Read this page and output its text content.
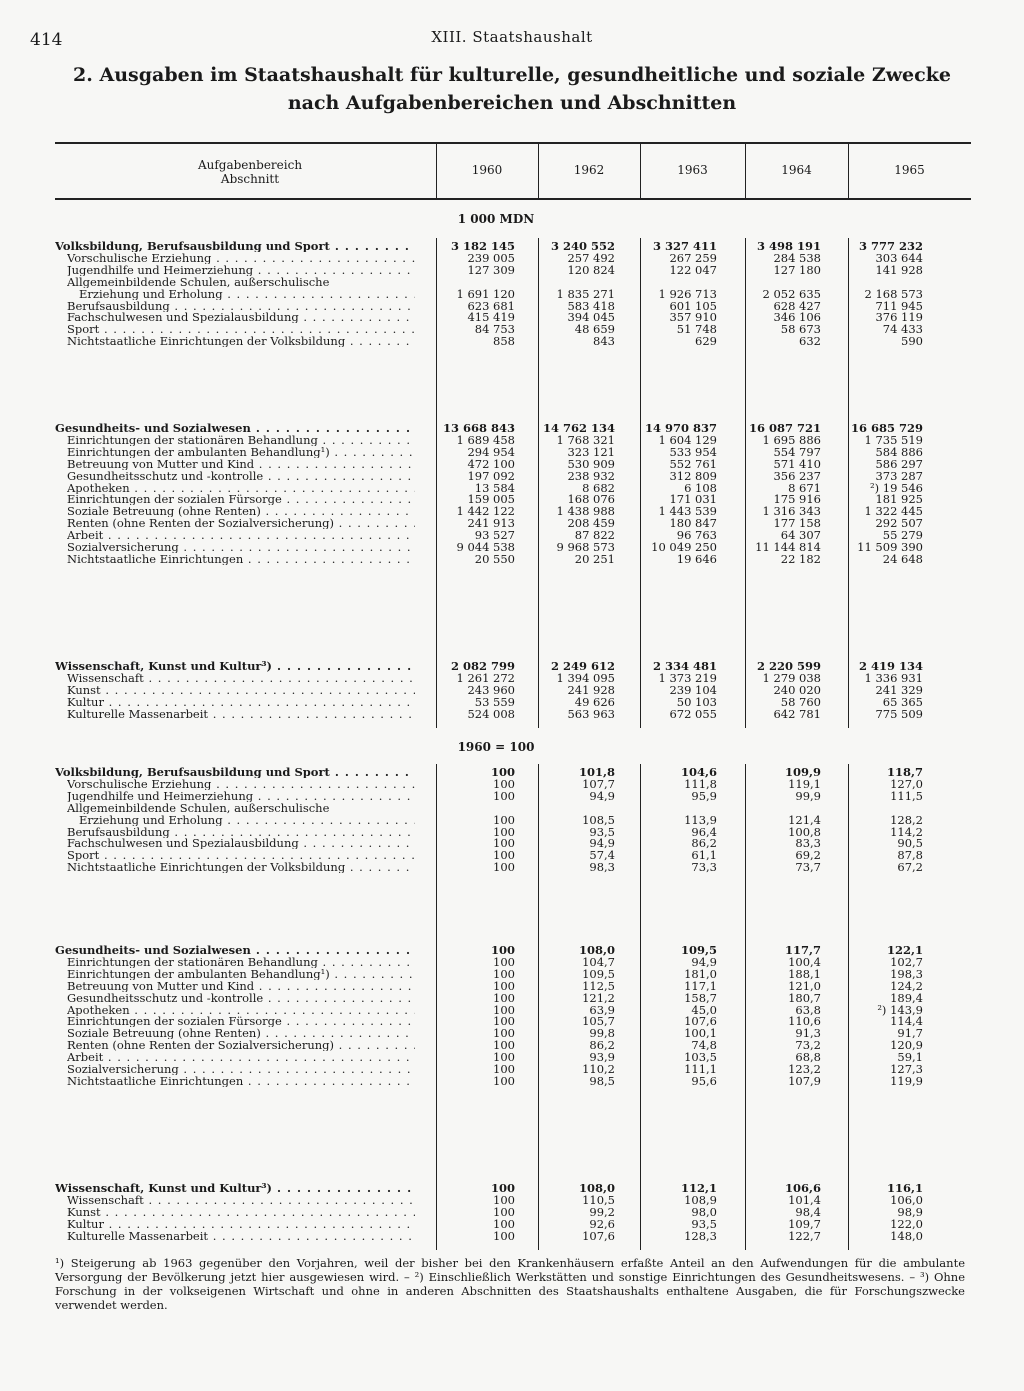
414	XIII. Staatshaushalt
2. Ausgaben im Staatshaushalt für kulturelle, gesundheitliche und soziale Zwecke
nach Aufgabenbereichen und Abschnitten
Aufgabenbereich
Abschnitt
1960	1962	1963	1964	1965
1 000 MDN
1960 = 100
Volksbildung, Berufsausbildung und Sport . . .	3 182 145	3 240 552	3 327 411	3 498 191	3 777 232
Vorschulische Erziehung . . .	239 005	257 492	267 259	284 538	303 644
Jugendhilfe und Heimerziehung . . .	127 309	120 824	122 047	127 180	141 928
Allgemeinbildende Schulen, außerschulische
Erziehung und Erholung . . .	1 691 120	1 835 271	1 926 713	2 052 635	2 168 573
Berufsausbildung . . .	623 681	583 418	601 105	628 427	711 945
Fachschulwesen und Spezialausbildung . . .	415 419	394 045	357 910	346 106	376 119
Sport . . .	84 753	48 659	51 748	58 673	74 433
Nichtstaatliche Einrichtungen der Volksbildung . . .	858	843	629	632	590
Gesundheits- und Sozialwesen . . .	13 668 843	14 762 134	14 970 837	16 087 721	16 685 729
Einrichtungen der stationären Behandlung . . .	1 689 458	1 768 321	1 604 129	1 695 886	1 735 519
Einrichtungen der ambulanten Behandlung¹) . . .	294 954	323 121	533 954	554 797	584 886
Betreuung von Mutter und Kind . . .	472 100	530 909	552 761	571 410	586 297
Gesundheitsschutz und -kontrolle . . .	197 092	238 932	312 809	356 237	373 287
Apotheken . . .	13 584	8 682	6 108	8 671	²) 19 546
Einrichtungen der sozialen Fürsorge . . .	159 005	168 076	171 031	175 916	181 925
Soziale Betreuung (ohne Renten) . . .	1 442 122	1 438 988	1 443 539	1 316 343	1 322 445
Renten (ohne Renten der Sozialversicherung) . . .	241 913	208 459	180 847	177 158	292 507
Arbeit . . .	93 527	87 822	96 763	64 307	55 279
Sozialversicherung . . .	9 044 538	9 968 573	10 049 250	11 144 814	11 509 390
Nichtstaatliche Einrichtungen . . .	20 550	20 251	19 646	22 182	24 648
Wissenschaft, Kunst und Kultur³) . . .	2 082 799	2 249 612	2 334 481	2 220 599	2 419 134
Wissenschaft . . .	1 261 272	1 394 095	1 373 219	1 279 038	1 336 931
Kunst . . .	243 960	241 928	239 104	240 020	241 329
Kultur . . .	53 559	49 626	50 103	58 760	65 365
Kulturelle Massenarbeit . . .	524 008	563 963	672 055	642 781	775 509
Volksbildung, Berufsausbildung und Sport . . .	100	101,8	104,6	109,9	118,7
Vorschulische Erziehung . . .	100	107,7	111,8	119,1	127,0
Jugendhilfe und Heimerziehung . . .	100	94,9	95,9	99,9	111,5
Allgemeinbildende Schulen, außerschulische
Erziehung und Erholung . . .	100	108,5	113,9	121,4	128,2
Berufsausbildung . . .	100	93,5	96,4	100,8	114,2
Fachschulwesen und Spezialausbildung . . .	100	94,9	86,2	83,3	90,5
Sport . . .	100	57,4	61,1	69,2	87,8
Nichtstaatliche Einrichtungen der Volksbildung . . .	100	98,3	73,3	73,7	67,2
Gesundheits- und Sozialwesen . . .	100	108,0	109,5	117,7	122,1
Einrichtungen der stationären Behandlung . . .	100	104,7	94,9	100,4	102,7
Einrichtungen der ambulanten Behandlung¹) . . .	100	109,5	181,0	188,1	198,3
Betreuung von Mutter und Kind . . .	100	112,5	117,1	121,0	124,2
Gesundheitsschutz und -kontrolle . . .	100	121,2	158,7	180,7	189,4
Apotheken . . .	100	63,9	45,0	63,8	²) 143,9
Einrichtungen der sozialen Fürsorge . . .	100	105,7	107,6	110,6	114,4
Soziale Betreuung (ohne Renten) . . .	100	99,8	100,1	91,3	91,7
Renten (ohne Renten der Sozialversicherung) . . .	100	86,2	74,8	73,2	120,9
Arbeit . . .	100	93,9	103,5	68,8	59,1
Sozialversicherung . . .	100	110,2	111,1	123,2	127,3
Nichtstaatliche Einrichtungen . . .	100	98,5	95,6	107,9	119,9
Wissenschaft, Kunst und Kultur³) . . .	100	108,0	112,1	106,6	116,1
Wissenschaft . . .	100	110,5	108,9	101,4	106,0
Kunst . . .	100	99,2	98,0	98,4	98,9
Kultur . . .	100	92,6	93,5	109,7	122,0
Kulturelle Massenarbeit . . .	100	107,6	128,3	122,7	148,0

¹) Steigerung ab 1963 gegenüber den Vorjahren, weil der bisher bei den Krankenhäusern erfaßte Anteil an den Aufwendungen für die ambulante Versorgung der Bevölkerung jetzt hier ausgewiesen wird. – ²) Einschließlich Werkstätten und sonstige Einrichtungen des Gesundheitswesens. – ³) Ohne Forschung in der volkseigenen Wirtschaft und ohne in anderen Abschnitten des Staatshaushalts enthaltene Ausgaben, die für Forschungszwecke verwendet werden.
